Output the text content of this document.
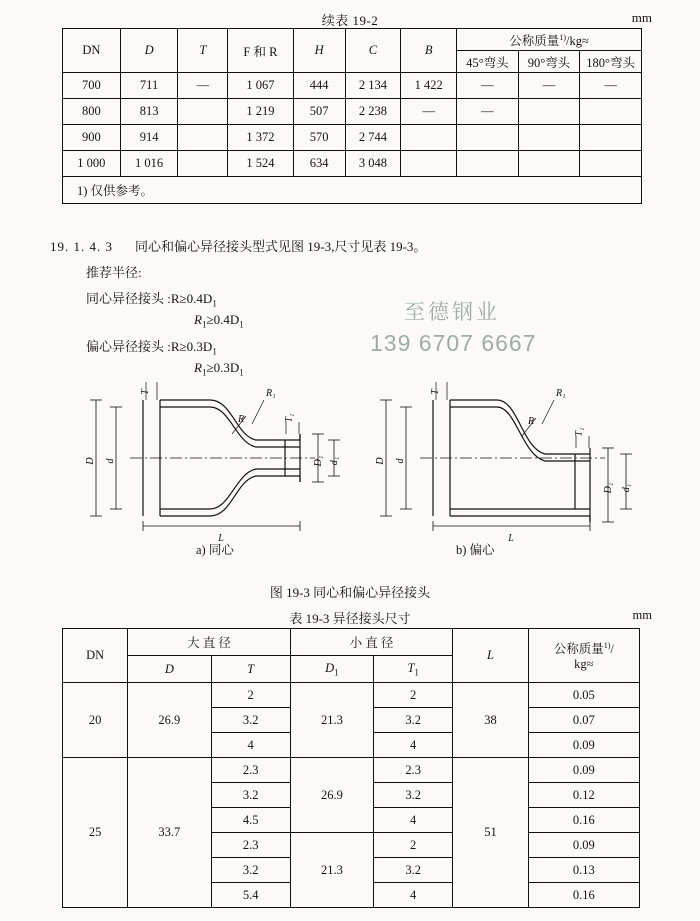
续表 19-2	mm
DN	D	T	F 和 R	H	C	B	公称质量$^{1)}$/kg≈		
							45°弯头	90°弯头	180°弯头
700	711	—	1 067	444	2 134	1 422	—	—	—
800	813		1 219	507	2 238	—	—		
900	914		1 372	570	2 744				
1 000	1 016		1 524	634	3 048				
1) 仅供参考。									
19. 1. 4. 3 同心和偏心异径接头型式见图 19-3,尺寸见表 19-3。
推荐半径:
同心异径接头 $:R\ge 0.4D_1$
$R_1\ge 0.4D_1$
偏心异径接头 $:R\ge 0.3D_1$
$R_1\ge 0.3D_1$
至德钢业
139 6707 6667
T
T₁
R
R₁
D d	D₁ d₁
L
T
T₁
R
R₁
D d
D₁ d₁
L
a) 同心	b) 偏心
图 19-3 同心和偏心异径接头
表 19-3 异径接头尺寸	mm
DN	大 直 径		小 直 径		L	公称质量$^{1)}$/
kg≈

	D	T	$D_1$	$T_1$
20	26.9	2	21.3	2	38	0.05
		3.2		3.2		0.07
		4		4		0.09
25	33.7	2.3	26.9	2.3	51	0.09
		3.2		3.2		0.12
		4.5		4		0.16
		2.3	21.3	2		0.09
		3.2		3.2		0.13
		5.4		4		0.16
